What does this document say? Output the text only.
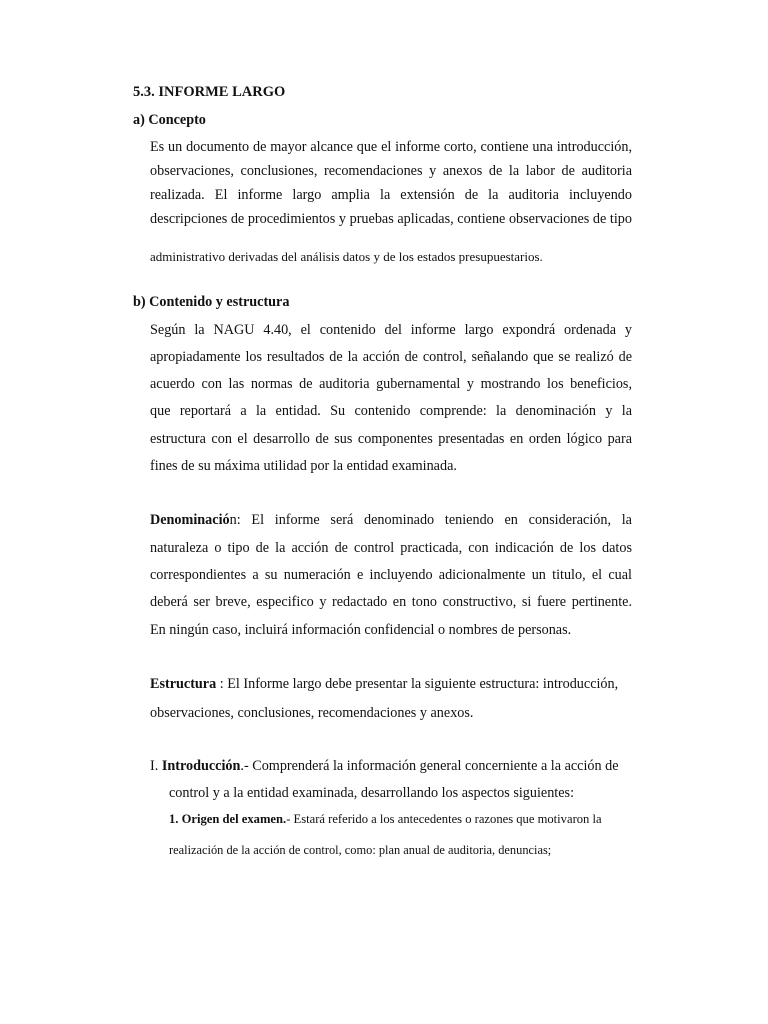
5.3. INFORME LARGO
a) Concepto
Es un documento de mayor alcance que el informe corto, contiene una introducción,
observaciones, conclusiones, recomendaciones y anexos de la labor de auditoria
realizada. El informe largo amplia la extensión de la auditoria incluyendo
descripciones de procedimientos y pruebas aplicadas, contiene observaciones de tipo
administrativo derivadas del análisis datos y de los estados presupuestarios.
b) Contenido y estructura
Según la NAGU 4.40, el contenido del informe largo expondrá ordenada y
apropiadamente los resultados de la acción de control, señalando que se realizó de
acuerdo con las normas de auditoria gubernamental y mostrando los beneficios,
que reportará a la entidad. Su contenido comprende: la denominación y la
estructura con el desarrollo de sus componentes presentadas en orden lógico para
fines de su máxima utilidad por la entidad examinada.
Denominación: El informe será denominado teniendo en consideración, la
naturaleza o tipo de la acción de control practicada, con indicación de los datos
correspondientes a su numeración e incluyendo adicionalmente un titulo, el cual
deberá ser breve, especifico y redactado en tono constructivo, si fuere pertinente.
En ningún caso, incluirá información confidencial o nombres de personas.
Estructura : El Informe largo debe presentar la siguiente estructura: introducción,
observaciones, conclusiones, recomendaciones y anexos.
I. Introducción.- Comprenderá la información general concerniente a la acción de
control y a la entidad examinada, desarrollando los aspectos siguientes:
1. Origen del examen.- Estará referido a los antecedentes o razones que motivaron la
realización de la acción de control, como: plan anual de auditoria, denuncias;
